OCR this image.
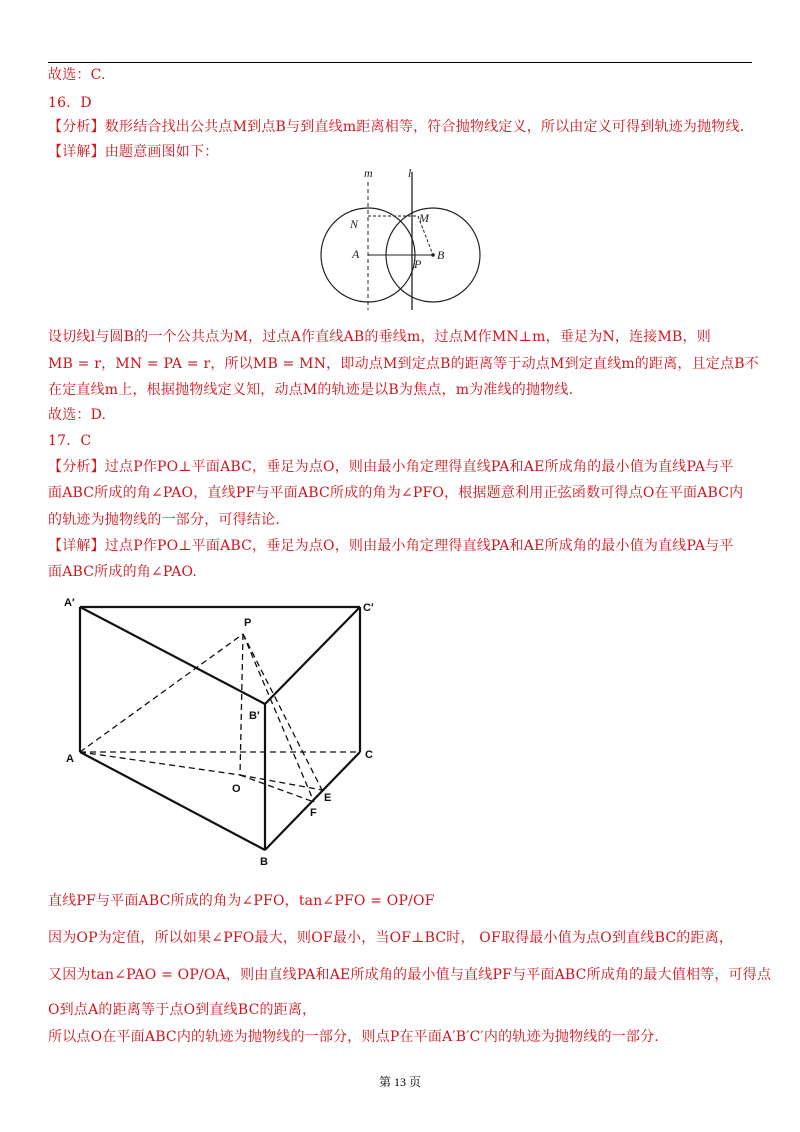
故选：C.
16．D
【分析】数形结合找出公共点M到点B与到直线m距离相等，符合抛物线定义，所以由定义可得到轨迹为抛物线.
【详解】由题意画图如下：
m	l
N	M
A
P
B
设切线l与圆B的一个公共点为M，过点A作直线AB的垂线m，过点M作MN⊥m，垂足为N，连接MB，则
MB = r，MN = PA = r，所以MB = MN，即动点M到定点B的距离等于动点M到定直线m的距离，且定点B不
在定直线m上，根据抛物线定义知，动点M的轨迹是以B为焦点，m为准线的抛物线.
故选：D.
17．C
【分析】过点P作PO⊥平面ABC，垂足为点O，则由最小角定理得直线PA和AE所成角的最小值为直线PA与平
面ABC所成的角∠PAO，直线PF与平面ABC所成的角为∠PFO，根据题意利用正弦函数可得点O在平面ABC内
的轨迹为抛物线的一部分，可得结论.
【详解】过点P作PO⊥平面ABC，垂足为点O，则由最小角定理得直线PA和AE所成角的最小值为直线PA与平
面ABC所成的角∠PAO.
A′	C′
P
B′
A	C
O
E
F
B
直线PF与平面ABC所成的角为∠PFO，tan∠PFO = OP/OF
因为OP为定值，所以如果∠PFO最大，则OF最小，当OF⊥BC时， OF取得最小值为点O到直线BC的距离，
又因为tan∠PAO = OP/OA，则由直线PA和AE所成角的最小值与直线PF与平面ABC所成角的最大值相等，可得点
O到点A的距离等于点O到直线BC的距离，
所以点O在平面ABC内的轨迹为抛物线的一部分，则点P在平面A′B′C′内的轨迹为抛物线的一部分.
第 13 页
